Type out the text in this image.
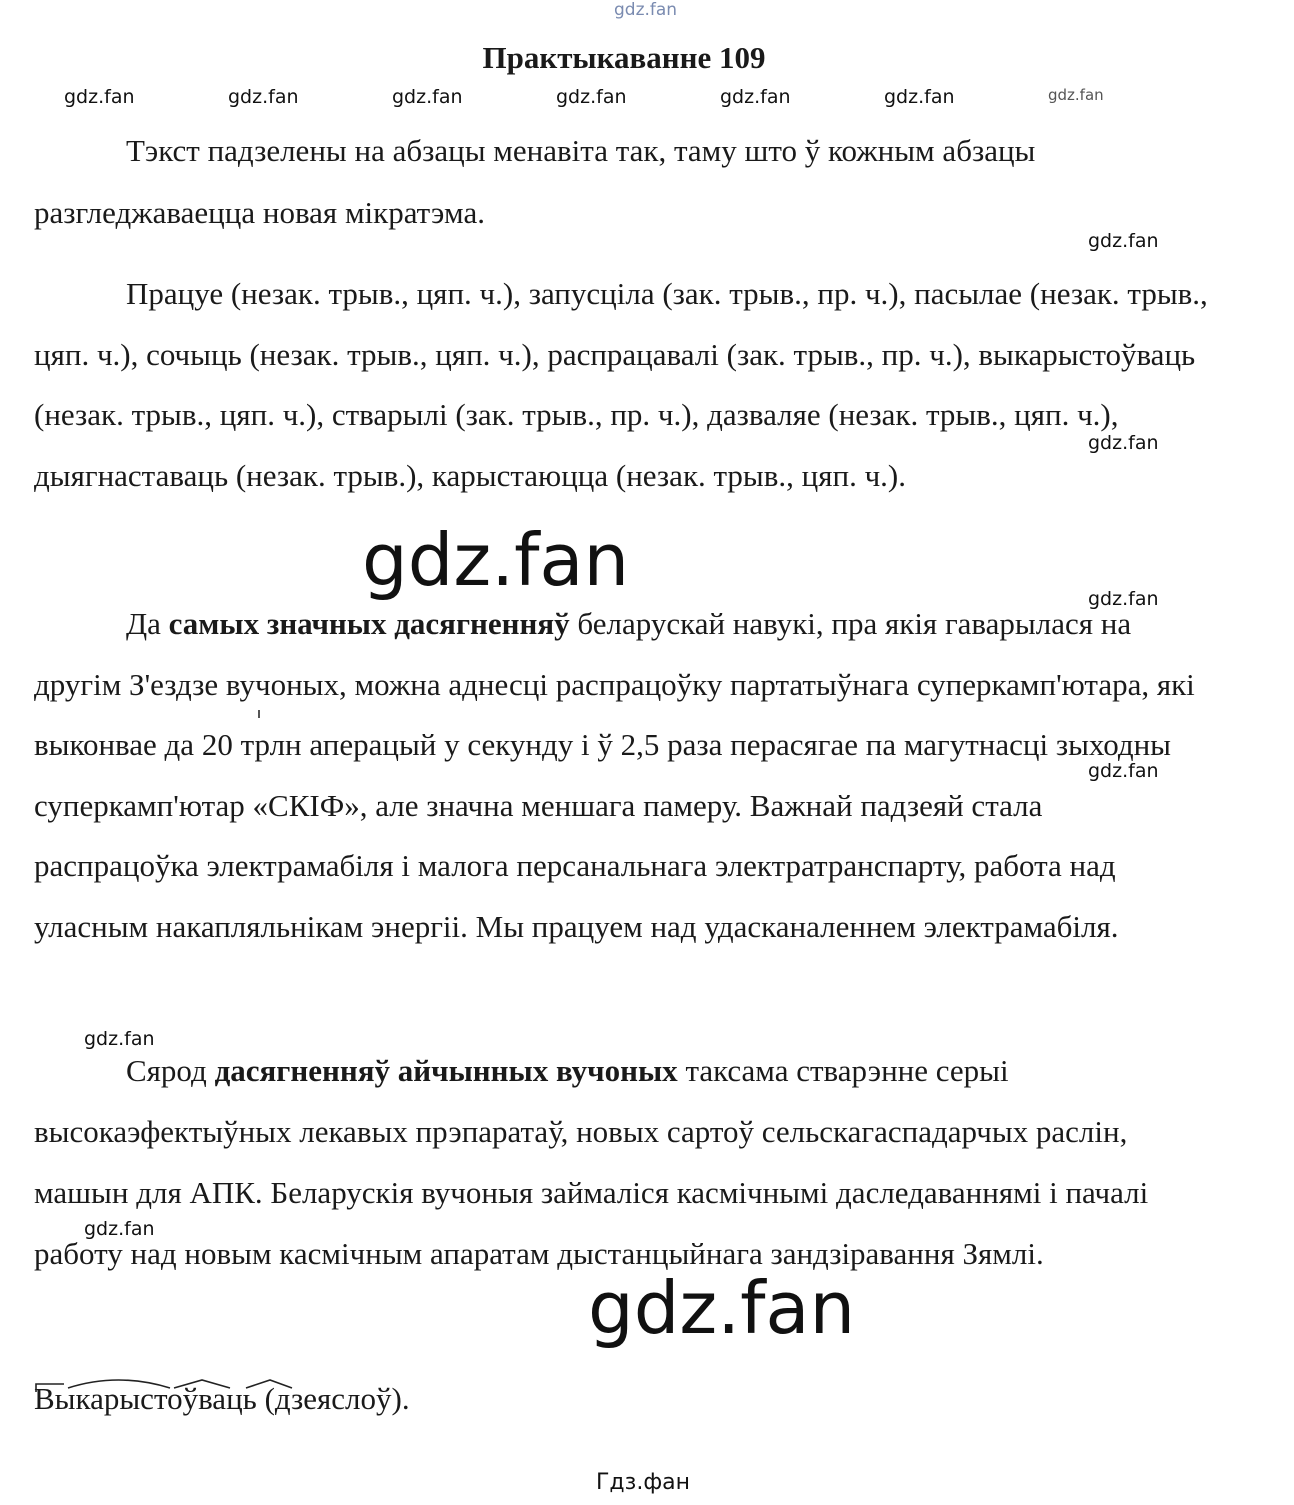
gdz.fan
Практыкаванне 109
gdz.fan	gdz.fan	gdz.fan	gdz.fan	gdz.fan	gdz.fan	gdz.fan

Тэкст падзелены на абзацы менавіта так, таму што ў кожным абзацы разгледжаваецца новая мікратэма.

gdz.fan

Працуе (незак. трыв., цяп. ч.), запусціла (зак. трыв., пр. ч.), пасылае (незак. трыв., цяп. ч.), сочыць (незак. трыв., цяп. ч.), распрацавалі (зак. трыв., пр. ч.), выкарыстоўваць (незак. трыв., цяп. ч.), стварылі (зак. трыв., пр. ч.), дазваляе (незак. трыв., цяп. ч.), дыягнаставаць (незак. трыв.), карыстаюцца (незак. трыв., цяп. ч.).

gdz.fan
gdz.fan	gdz.fan

Да самых значных дасягненняў беларускай навукі, пра якія гаварылася на другім З'ездзе вучоных, можна аднесці распрацоўку партатыўнага суперкамп'ютара, які выконвае да 20 трлн аперацый у секунду і ў 2,5 раза перасягае па магутнасці зыходны суперкамп'ютар «СКІФ», але значна меншага памеру. Важнай падзеяй стала распрацоўка электрамабіля і малога персанальнага электратранспарту, работа над уласным накапляльнікам энергіі. Мы працуем над удасканаленнем электрамабіля.

gdz.fan
gdz.fan

Сярод дасягненняў айчынных вучоных таксама стварэнне серыі высокаэфектыўных лекавых прэпаратаў, новых сартоў сельскагаспадарчых раслін, машын для АПК. Беларускія вучоныя займаліся касмічнымі даследаваннямі і пачалі работу над новым касмічным апаратам дыстанцыйнага зандзіравання Зямлі.

gdz.fan
gdz.fan
Выкарыстоўваць (дзеяслоў).
Гдз.фан
